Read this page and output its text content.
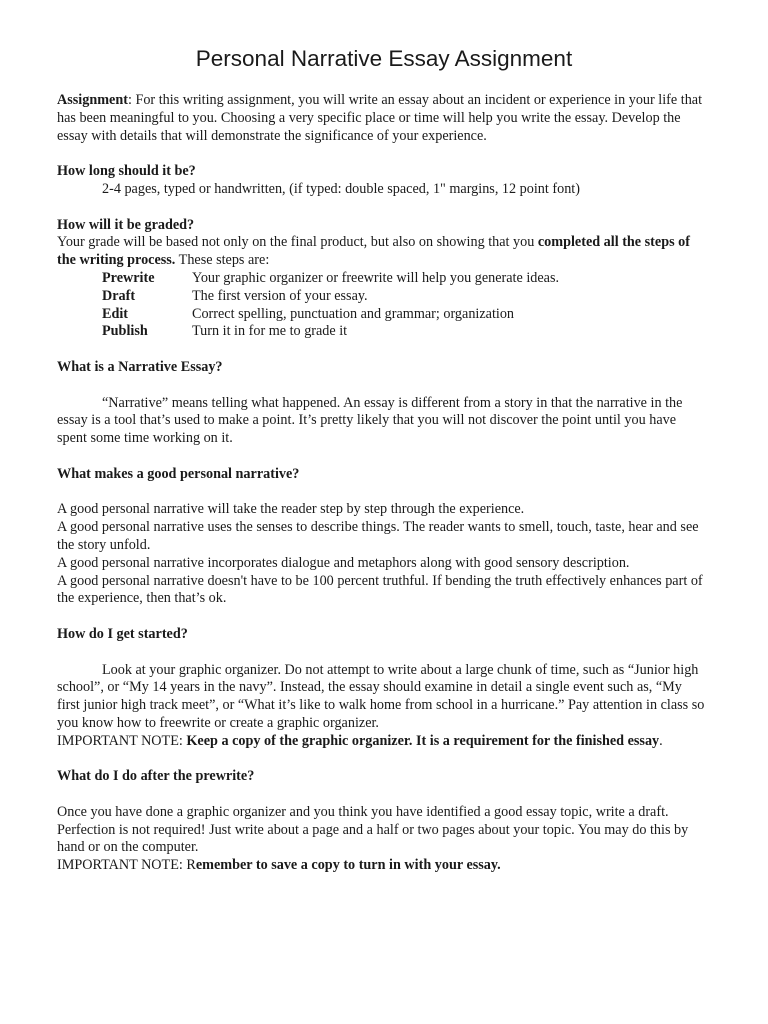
Personal Narrative Essay Assignment

Assignment: For this writing assignment, you will write an essay about an incident or experience in your life that has been meaningful to you. Choosing a very specific place or time will help you write the essay. Develop the essay with details that will demonstrate the significance of your experience.

How long should it be?

2-4 pages, typed or handwritten, (if typed: double spaced, 1" margins, 12 point font)

How will it be graded?

Your grade will be based not only on the final product, but also on showing that you completed all the steps of the writing process. These steps are:

Prewrite	Your graphic organizer or freewrite will help you generate ideas.
Draft	The first version of your essay.
Edit	Correct spelling, punctuation and grammar; organization
Publish	Turn it in for me to grade it

What is a Narrative Essay?

“Narrative” means telling what happened. An essay is different from a story in that the narrative in the essay is a tool that’s used to make a point. It’s pretty likely that you will not discover the point until you have spent some time working on it.

What makes a good personal narrative?

A good personal narrative will take the reader step by step through the experience.

A good personal narrative uses the senses to describe things. The reader wants to smell, touch, taste, hear and see the story unfold.

A good personal narrative incorporates dialogue and metaphors along with good sensory description.

A good personal narrative doesn't have to be 100 percent truthful. If bending the truth effectively enhances part of the experience, then that’s ok.

How do I get started?

Look at your graphic organizer. Do not attempt to write about a large chunk of time, such as “Junior high school”, or “My 14 years in the navy”. Instead, the essay should examine in detail a single event such as, “My first junior high track meet”, or “What it’s like to walk home from school in a hurricane.” Pay attention in class so you know how to freewrite or create a graphic organizer.

IMPORTANT NOTE: Keep a copy of the graphic organizer. It is a requirement for the finished essay.

What do I do after the prewrite?

Once you have done a graphic organizer and you think you have identified a good essay topic, write a draft. Perfection is not required! Just write about a page and a half or two pages about your topic. You may do this by hand or on the computer.

IMPORTANT NOTE: Remember to save a copy to turn in with your essay.
